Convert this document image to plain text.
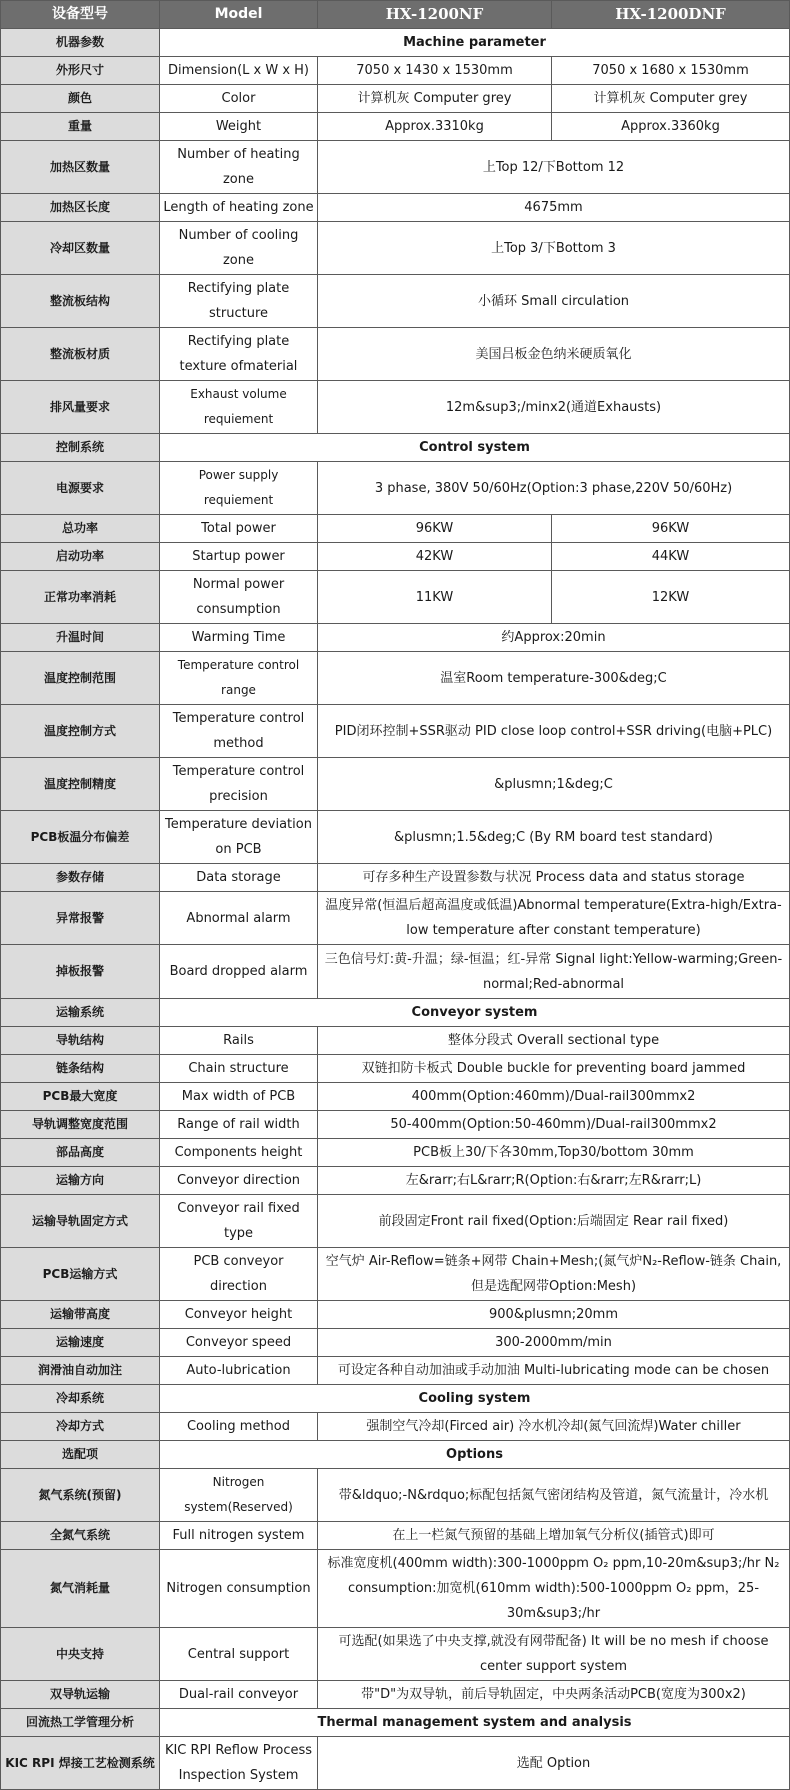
设备型号	Model	HX-1200NF	HX-1200DNF
机器参数	Machine parameter		
外形尺寸	Dimension(L x W x H)	7050 x 1430 x 1530mm	7050 x 1680 x 1530mm
颜色	Color	计算机灰 Computer grey	计算机灰 Computer grey
重量	Weight	Approx.3310kg	Approx.3360kg
加热区数量	Number of heating zone	上Top 12/下Bottom 12	
加热区长度	Length of heating zone	4675mm	
冷却区数量	Number of cooling zone	上Top 3/下Bottom 3	
整流板结构	Rectifying plate structure	小循环 Small circulation	
整流板材质	Rectifying plate texture ofmaterial	美国吕板金色纳米硬质氧化	
排风量要求	Exhaust volume requiement	12m&sup3;/minx2(通道Exhausts)	
控制系统	Control system		
电源要求	Power supply requiement	3 phase, 380V 50/60Hz(Option:3 phase,220V 50/60Hz)	
总功率	Total power	96KW	96KW
启动功率	Startup power	42KW	44KW
正常功率消耗	Normal power consumption	11KW	12KW
升温时间	Warming Time	约Approx:20min	
温度控制范围	Temperature control range	温室Room temperature-300&deg;C	
温度控制方式	Temperature control method	PID闭环控制+SSR驱动 PID close loop control+SSR driving(电脑+PLC)	
温度控制精度	Temperature control precision	&plusmn;1&deg;C	
PCB板温分布偏差	Temperature deviation on PCB	&plusmn;1.5&deg;C (By RM board test standard)	
参数存储	Data storage	可存多种生产设置参数与状况 Process data and status storage	
异常报警	Abnormal alarm	温度异常(恒温后超高温度或低温)Abnormal temperature(Extra-high/Extra-low temperature after constant temperature)	
掉板报警	Board dropped alarm	三色信号灯:黄-升温；绿-恒温；红-异常 Signal light:Yellow-warming;Green-normal;Red-abnormal	
运输系统	Conveyor system		
导轨结构	Rails	整体分段式 Overall sectional type	
链条结构	Chain structure	双链扣防卡板式 Double buckle for preventing board jammed	
PCB最大宽度	Max width of PCB	400mm(Option:460mm)/Dual-rail300mmx2	
导轨调整宽度范围	Range of rail width	50-400mm(Option:50-460mm)/Dual-rail300mmx2	
部品高度	Components height	PCB板上30/下各30mm,Top30/bottom 30mm	
运输方向	Conveyor direction	左&rarr;右L&rarr;R(Option:右&rarr;左R&rarr;L)	
运输导轨固定方式	Conveyor rail fixed type	前段固定Front rail fixed(Option:后端固定 Rear rail fixed)	
PCB运输方式	PCB conveyor direction	空气炉 Air-Reflow=链条+网带 Chain+Mesh;(氮气炉N₂-Reflow-链条 Chain,但是选配网带Option:Mesh)	
运输带高度	Conveyor height	900&plusmn;20mm	
运输速度	Conveyor speed	300-2000mm/min	
润滑油自动加注	Auto-lubrication	可设定各种自动加油或手动加油 Multi-lubricating mode can be chosen	
冷却系统	Cooling system		
冷却方式	Cooling method	强制空气冷却(Firced air) 冷水机冷却(氮气回流焊)Water chiller	
选配项	Options		
氮气系统(预留)	Nitrogen system(Reserved)	带&ldquo;-N&rdquo;标配包括氮气密闭结构及管道，氮气流量计，冷水机	
全氮气系统	Full nitrogen system	在上一栏氮气预留的基础上增加氧气分析仪(插管式)即可	
氮气消耗量	Nitrogen consumption	标准宽度机(400mm width):300-1000ppm O₂ ppm,10-20m&sup3;/hr N₂ consumption:加宽机(610mm width):500-1000ppm O₂ ppm，25-30m&sup3;/hr	
中央支持	Central support	可选配(如果选了中央支撑,就没有网带配备) It will be no mesh if choose center support system	
双导轨运输	Dual-rail conveyor	带"D"为双导轨，前后导轨固定，中央两条活动PCB(宽度为300x2)	
回流热工学管理分析	Thermal management system and analysis		
KIC RPI 焊接工艺检测系统	KIC RPI Reflow Process Inspection System	选配 Option	
